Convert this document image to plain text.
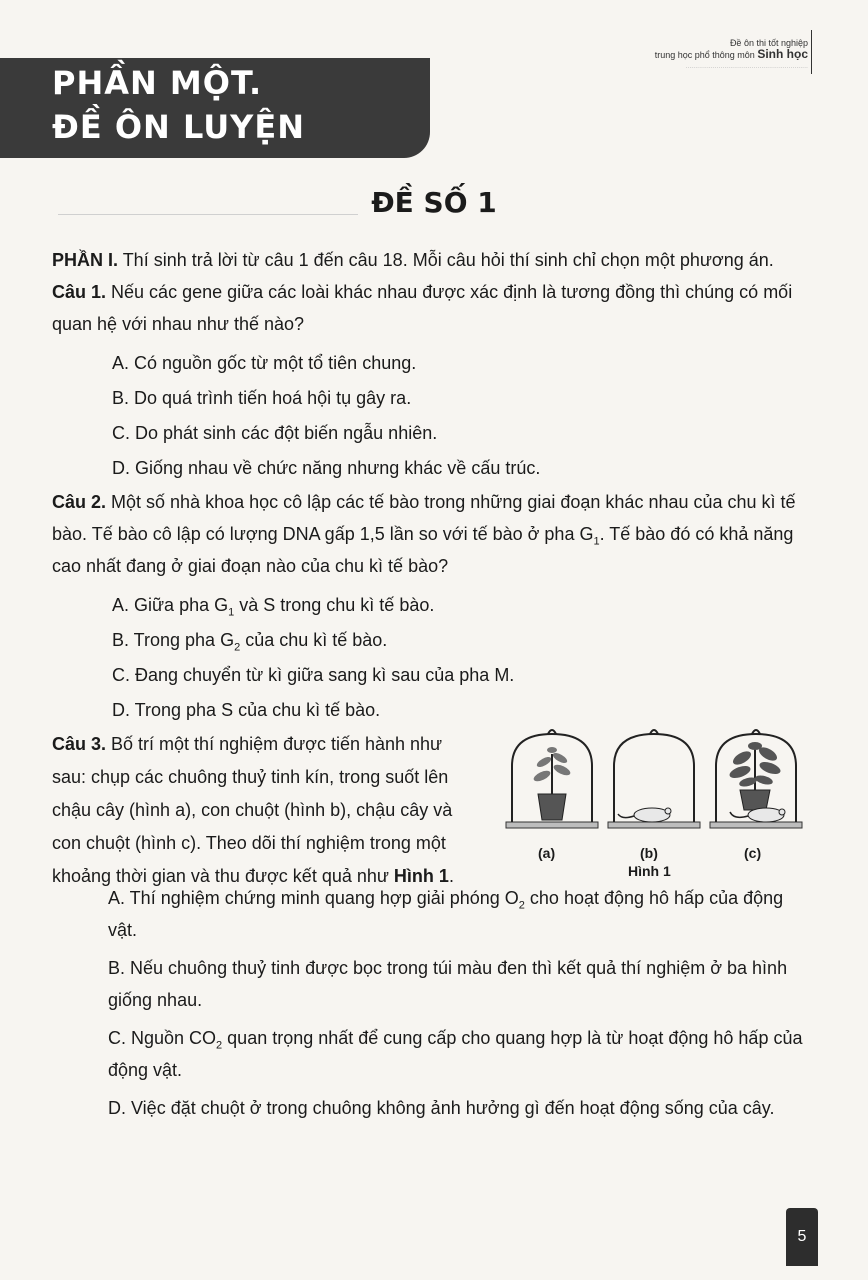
Đề ôn thi tốt nghiệp
trung học phổ thông môn Sinh học
...............................................................
PHẦN MỘT.
ĐỀ ÔN LUYỆN
ĐỀ SỐ 1

PHẦN I. Thí sinh trả lời từ câu 1 đến câu 18. Mỗi câu hỏi thí sinh chỉ chọn một phương án.

Câu 1. Nếu các gene giữa các loài khác nhau được xác định là tương đồng thì chúng có mối quan hệ với nhau như thế nào?

A. Có nguồn gốc từ một tổ tiên chung.

B. Do quá trình tiến hoá hội tụ gây ra.

C. Do phát sinh các đột biến ngẫu nhiên.

D. Giống nhau về chức năng nhưng khác về cấu trúc.

Câu 2. Một số nhà khoa học cô lập các tế bào trong những giai đoạn khác nhau của chu kì tế bào. Tế bào cô lập có lượng DNA gấp 1,5 lần so với tế bào ở pha $G_1$. Tế bào đó có khả năng cao nhất đang ở giai đoạn nào của chu kì tế bào?

A. Giữa pha $G_1$ và S trong chu kì tế bào.

B. Trong pha $G_2$ của chu kì tế bào.

C. Đang chuyển từ kì giữa sang kì sau của pha M.

D. Trong pha S của chu kì tế bào.

Câu 3. Bố trí một thí nghiệm được tiến hành như sau: chụp các chuông thuỷ tinh kín, trong suốt lên chậu cây (hình a), con chuột (hình b), chậu cây và con chuột (hình c). Theo dõi thí nghiệm trong một khoảng thời gian và thu được kết quả như Hình 1.

(a)	(b)	(c)
Hình 1

A. Thí nghiệm chứng minh quang hợp giải phóng $O_2$ cho hoạt động hô hấp của động vật.

B. Nếu chuông thuỷ tinh được bọc trong túi màu đen thì kết quả thí nghiệm ở ba hình giống nhau.

C. Nguồn $CO_2$ quan trọng nhất để cung cấp cho quang hợp là từ hoạt động hô hấp của động vật.

D. Việc đặt chuột ở trong chuông không ảnh hưởng gì đến hoạt động sống của cây.

5
